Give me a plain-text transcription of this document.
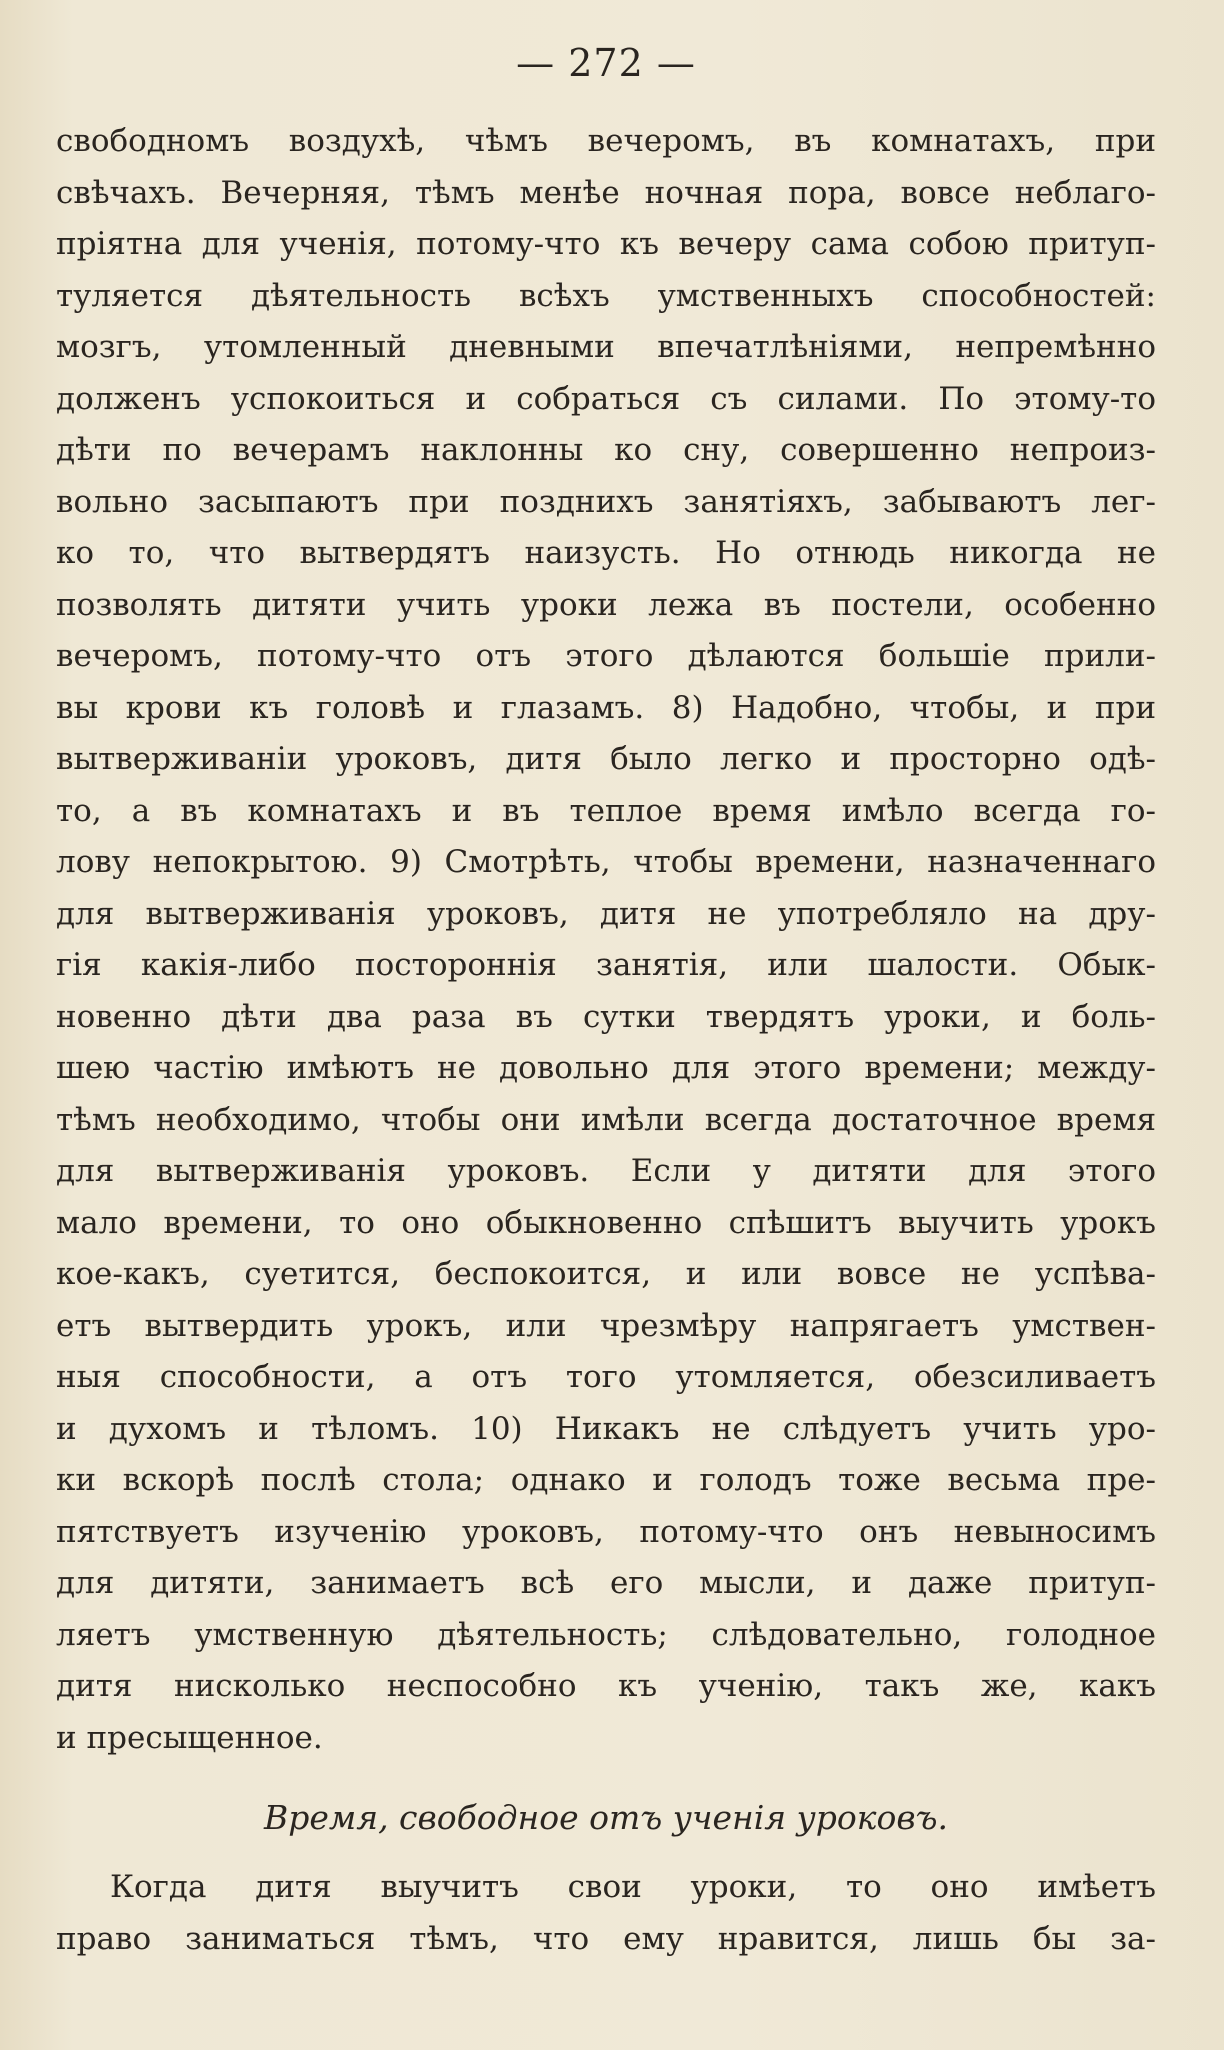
— 272 —
свободномъ воздухѣ, чѣмъ вечеромъ, въ комнатахъ, при
свѣчахъ. Вечерняя, тѣмъ менѣе ночная пора, вовсе неблаго-
пріятна для ученія, потому-что къ вечеру сама собою притуп-
туляется дѣятельность всѣхъ умственныхъ способностей:
мозгъ, утомленный дневными впечатлѣніями, непремѣнно
долженъ успокоиться и собраться съ силами. По этому-то
дѣти по вечерамъ наклонны ко сну, совершенно непроиз-
вольно засыпаютъ при позднихъ занятіяхъ, забываютъ лег-
ко то, что вытвердятъ наизусть. Но отнюдь никогда не
позволять дитяти учить уроки лежа въ постели, особенно
вечеромъ, потому-что отъ этого дѣлаются большіе прили-
вы крови къ головѣ и глазамъ. 8) Надобно, чтобы, и при
вытверживаніи уроковъ, дитя было легко и просторно одѣ-
то, а въ комнатахъ и въ теплое время имѣло всегда го-
лову непокрытою. 9) Смотрѣть, чтобы времени, назначеннаго
для вытверживанія уроковъ, дитя не употребляло на дру-
гія какія-либо постороннія занятія, или шалости. Обык-
новенно дѣти два раза въ сутки твердятъ уроки, и боль-
шею частію имѣютъ не довольно для этого времени; между-
тѣмъ необходимо, чтобы они имѣли всегда достаточное время
для вытверживанія уроковъ. Если у дитяти для этого
мало времени, то оно обыкновенно спѣшитъ выучить урокъ
кое-какъ, суетится, беспокоится, и или вовсе не успѣва-
етъ вытвердить урокъ, или чрезмѣру напрягаетъ умствен-
ныя способности, а отъ того утомляется, обезсиливаетъ
и духомъ и тѣломъ. 10) Никакъ не слѣдуетъ учить уро-
ки вскорѣ послѣ стола; однако и голодъ тоже весьма пре-
пятствуетъ изученію уроковъ, потому-что онъ невыносимъ
для дитяти, занимаетъ всѣ его мысли, и даже притуп-
ляетъ умственную дѣятельность; слѣдовательно, голодное
дитя нисколько неспособно къ ученію, такъ же, какъ
и пресыщенное.
Время, свободное отъ ученія уроковъ.
Когда дитя выучитъ свои уроки, то оно имѣетъ
право заниматься тѣмъ, что ему нравится, лишь бы за-
